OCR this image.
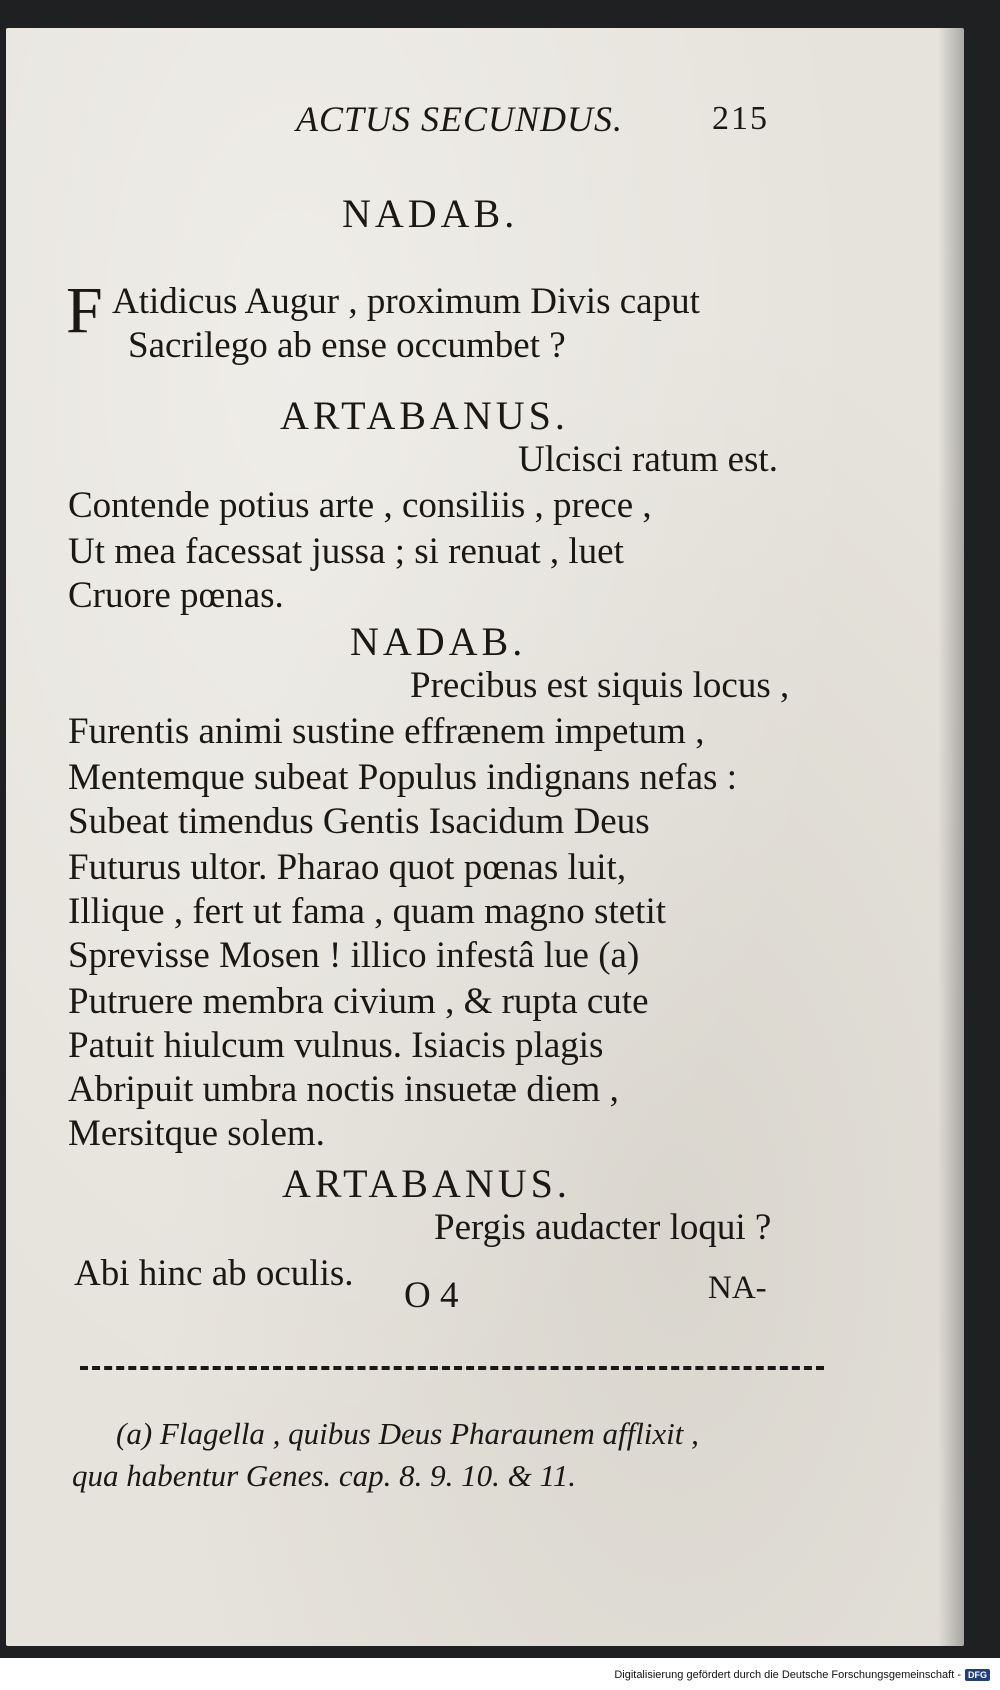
ACTUS SECUNDUS.	215
NADAB.
F Atidicus Augur , proximum Divis caput
Sacrilego ab ense occumbet ?
ARTABANUS.
Ulcisci ratum est.
Contende potius arte , consiliis , prece ,
Ut mea facessat jussa ; si renuat , luet
Cruore pœnas.
NADAB.
Precibus est siquis locus ,
Furentis animi sustine effrænem impetum ,
Mentemque subeat Populus indignans nefas :
Subeat timendus Gentis Isacidum Deus
Futurus ultor. Pharao quot pœnas luit,
Illique , fert ut fama , quam magno stetit
Sprevisse Mosen ! illico infestâ lue (a)
Putruere membra civium , & rupta cute
Patuit hiulcum vulnus. Isiacis plagis
Abripuit umbra noctis insuetæ diem ,
Mersitque solem.
ARTABANUS.
Pergis audacter loqui ?
Abi hinc ab oculis.
O 4	NA-
(a) Flagella , quibus Deus Pharaunem afflixit ,
qua habentur Genes. cap. 8. 9. 10. & 11.
Digitalisierung gefördert durch die Deutsche Forschungsgemeinschaft - DFG
